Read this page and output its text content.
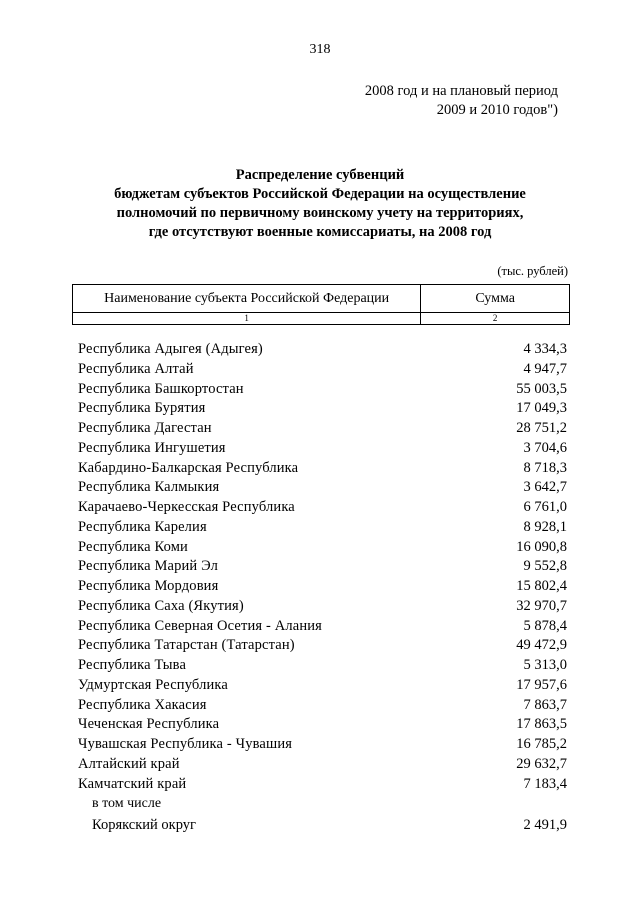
318
2008 год и на плановый период
2009 и 2010 годов")
Распределение субвенций
бюджетам субъектов Российской Федерации на осуществление
полномочий по первичному воинскому учету на территориях,
где отсутствуют военные комиссариаты, на 2008 год
(тыс. рублей)
Наименование субъекта Российской Федерации	Сумма
1	2
Республика Адыгея (Адыгея)	4 334,3
Республика Алтай	4 947,7
Республика Башкортостан	55 003,5
Республика Бурятия	17 049,3
Республика Дагестан	28 751,2
Республика Ингушетия	3 704,6
Кабардино-Балкарская Республика	8 718,3
Республика Калмыкия	3 642,7
Карачаево-Черкесская Республика	6 761,0
Республика Карелия	8 928,1
Республика Коми	16 090,8
Республика Марий Эл	9 552,8
Республика Мордовия	15 802,4
Республика Саха (Якутия)	32 970,7
Республика Северная Осетия - Алания	5 878,4
Республика Татарстан (Татарстан)	49 472,9
Республика Тыва	5 313,0
Удмуртская Республика	17 957,6
Республика Хакасия	7 863,7
Чеченская Республика	17 863,5
Чувашская Республика - Чувашия	16 785,2
Алтайский край	29 632,7
Камчатский край	7 183,4
в том числе
Корякский округ	2 491,9
